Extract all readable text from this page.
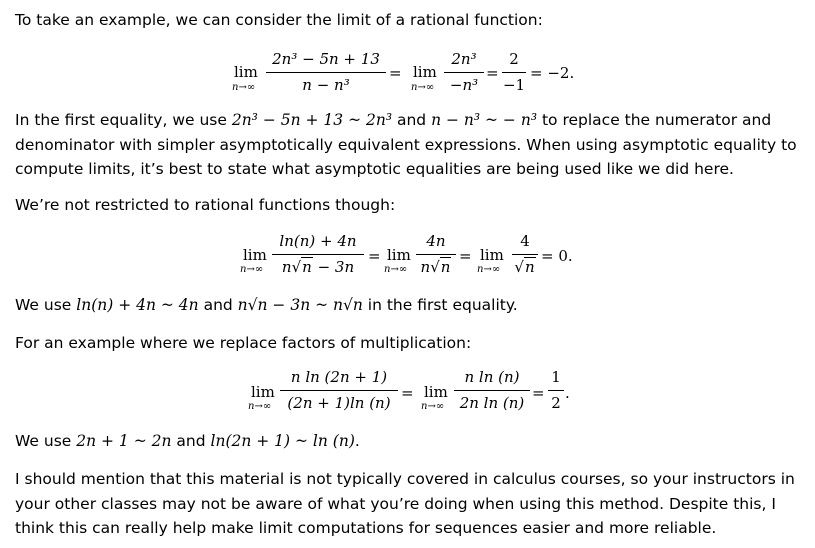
To take an example, we can consider the limit of a rational function:

lim
n→∞
2n³ − 5n + 13
n − n³
= lim
n→∞
2n³
−n³
=
2
−1
= −2.

In the first equality, we use 2n³ − 5n + 13 ~ 2n³ and n − n³ ~ − n³ to replace the numerator and denominator with simpler asymptotically equivalent expressions. When using asymptotic equality to compute limits, it’s best to state what asymptotic equalities are being used like we did here.

We’re not restricted to rational functions though:

lim
n→∞
ln(n) + 4n
n√n − 3n
= lim
n→∞
4n
n√n
= lim
n→∞
4
√n
= 0.

We use ln(n) + 4n ~ 4n and n√n − 3n ~ n√n in the first equality.

For an example where we replace factors of multiplication:

lim
n→∞
n ln (2n + 1)
(2n + 1)ln (n)
= lim
n→∞
n ln (n)
2n ln (n)
=
1
2
.

We use 2n + 1 ~ 2n and ln(2n + 1) ~ ln (n).

I should mention that this material is not typically covered in calculus courses, so your instructors in your other classes may not be aware of what you’re doing when using this method. Despite this, I think this can really help make limit computations for sequences easier and more reliable.
